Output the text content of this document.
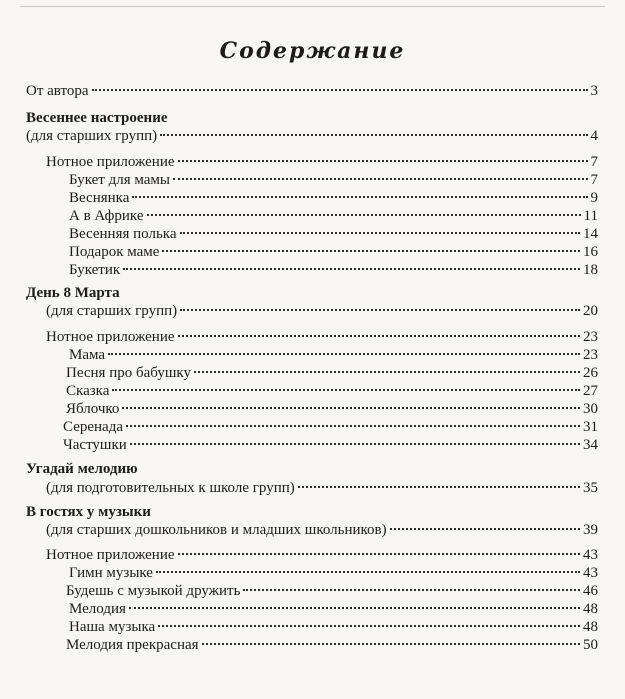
Содержание
От автора	3
Весеннее настроение
(для старших групп)	4
Нотное приложение	7
Букет для мамы	7
Веснянка	9
А в Африке	11
Весенняя полька	14
Подарок маме	16
Букетик	18
День 8 Марта
(для старших групп)	20
Нотное приложение	23
Мама	23
Песня про бабушку	26
Сказка	27
Яблочко	30
Серенада	31
Частушки	34
Угадай мелодию
(для подготовительных к школе групп)	35
В гостях у музыки
(для старших дошкольников и младших школьников)	39
Нотное приложение	43
Гимн музыке	43
Будешь с музыкой дружить	46
Мелодия	48
Наша музыка	48
Мелодия прекрасная	50
